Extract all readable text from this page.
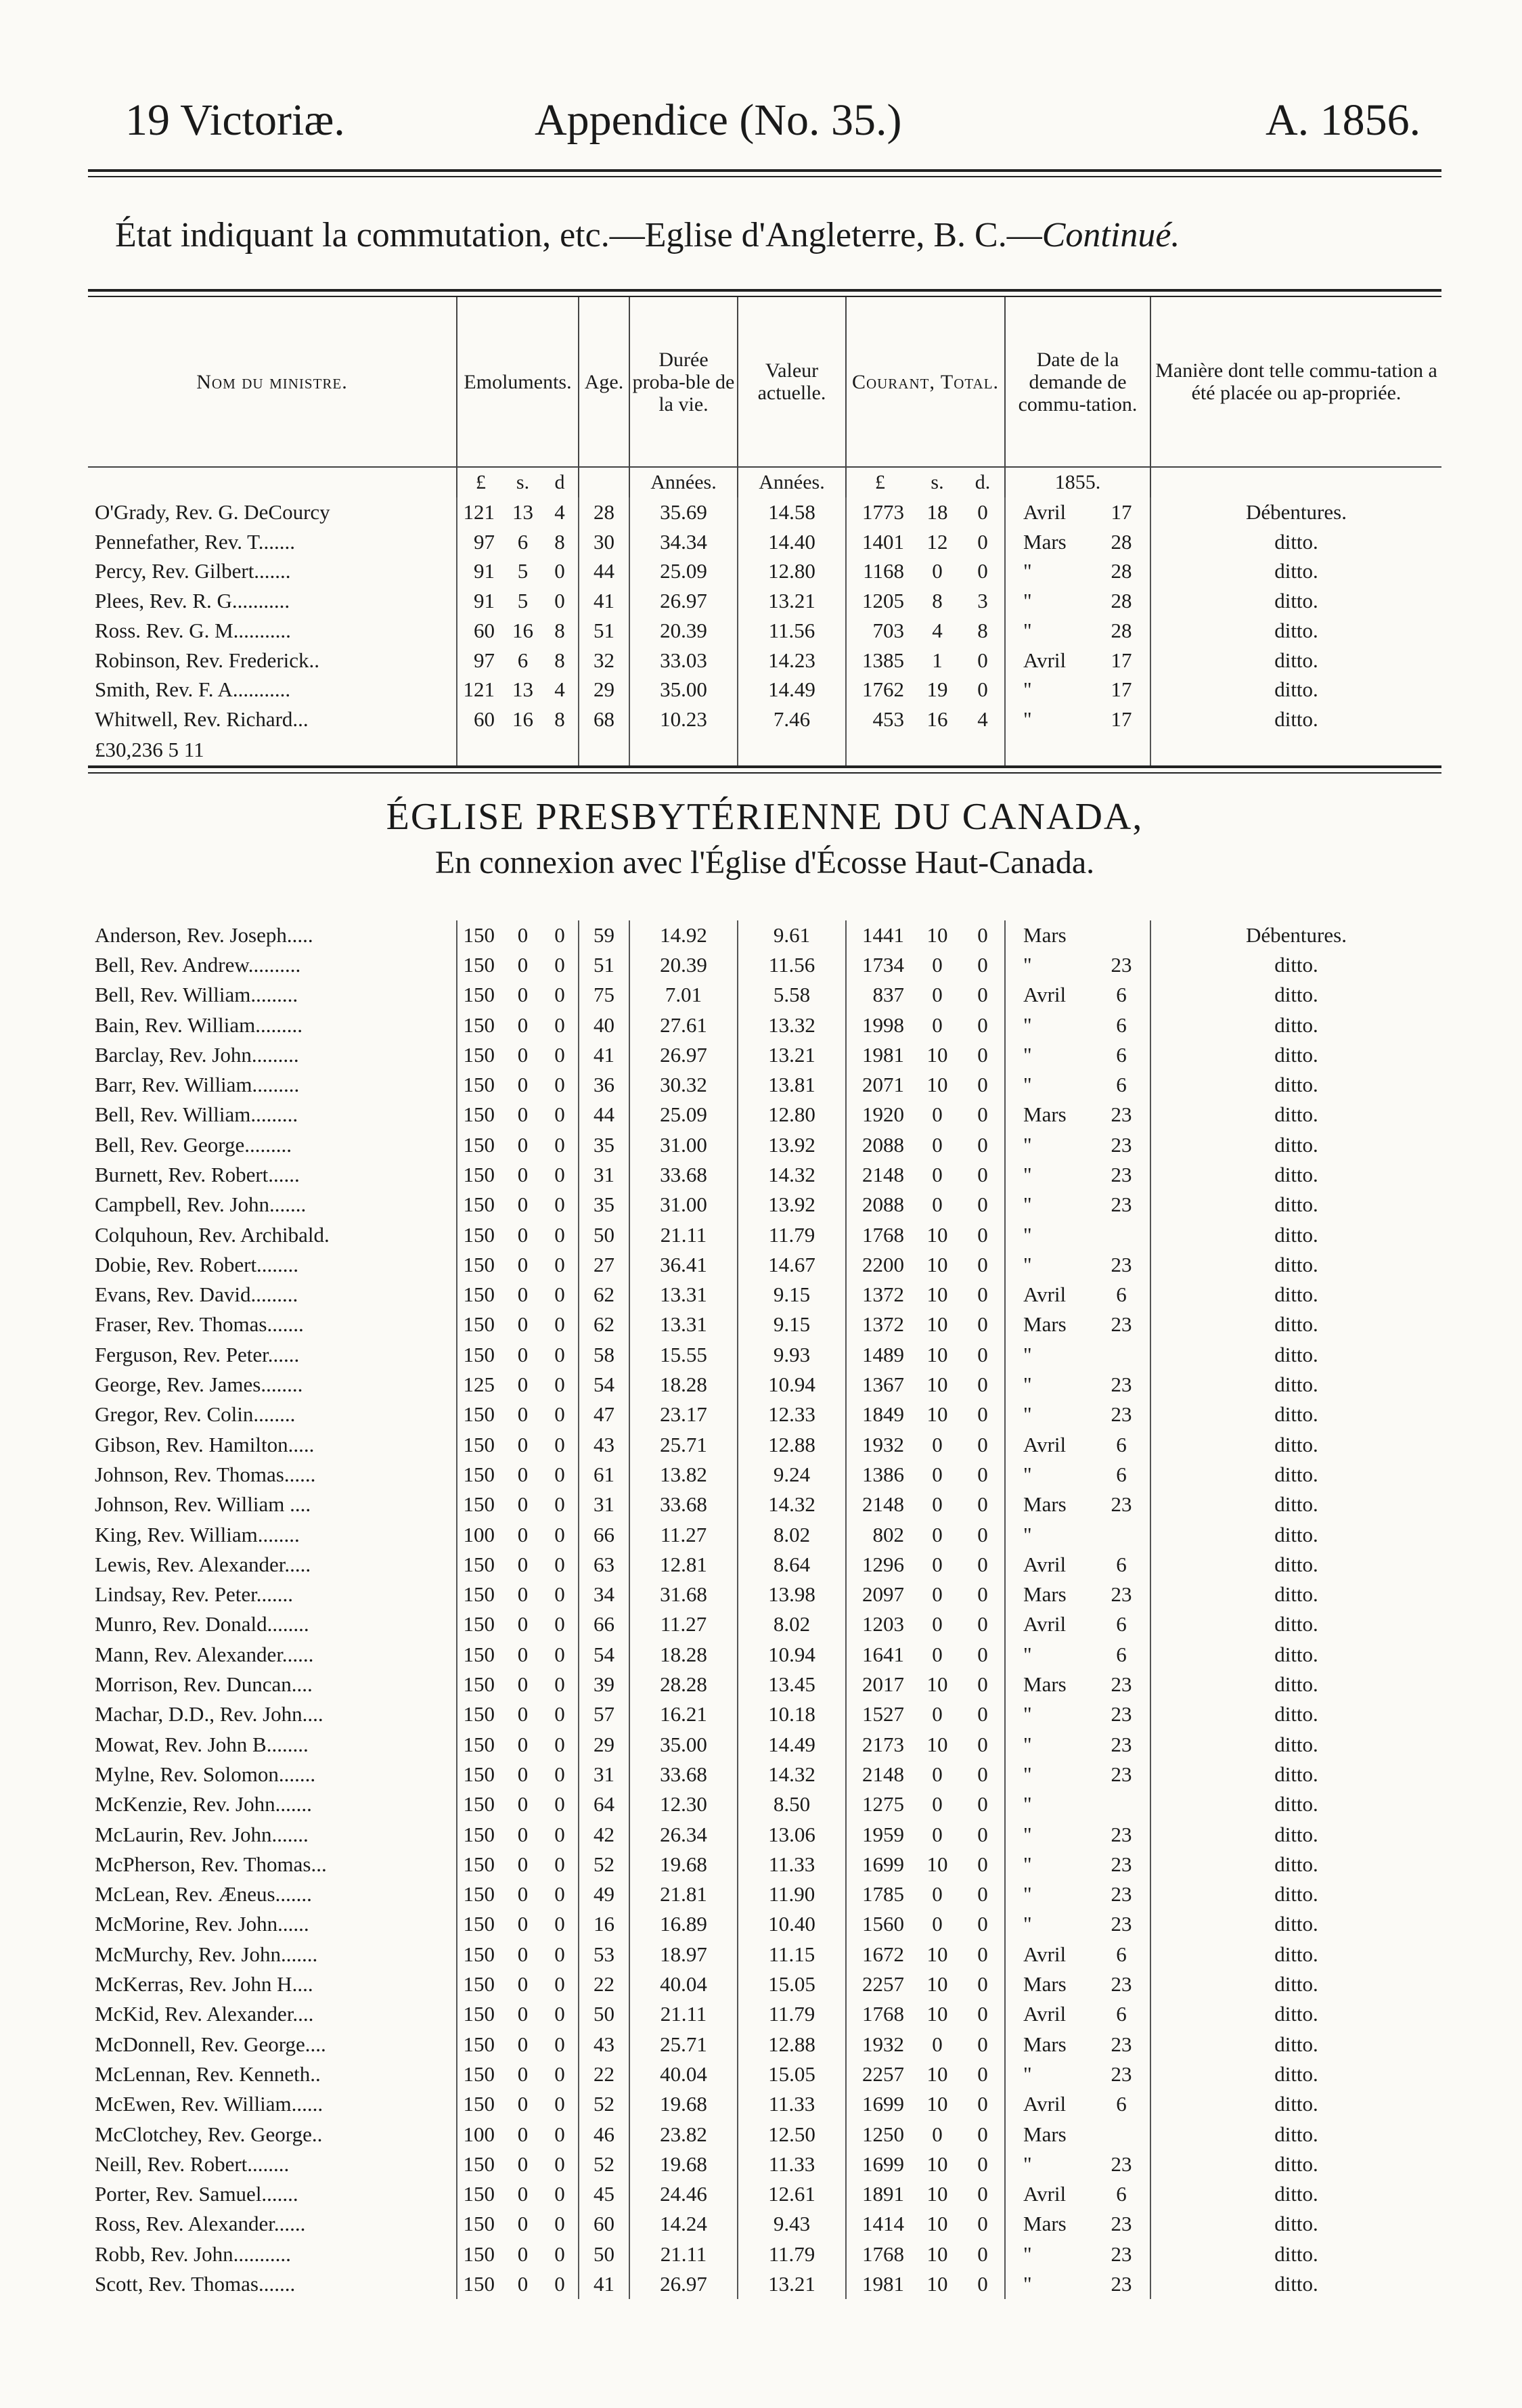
19 Victoriæ.	Appendice (No. 35.)	A. 1856.
État indiquant la commutation, etc.—Eglise d'Angleterre, B. C.—Continué.
Nom du ministre.	Emoluments.			Age.	Durée proba-ble de la vie.	Valeur actuelle.	Courant, Total.			Date de la demande de commu-tation.	Manière dont telle commu-tation a été placée ou ap-propriée.
	£	s.	d		Années.	Années.	£	s.	d.	1855.	
O'Grady, Rev. G. DeCourcy	121	13	4	28	35.69	14.58	1773	18	0	Avril	17	Débentures.
Pennefather, Rev. T.......	97	6	8	30	34.34	14.40	1401	12	0	Mars	28	ditto.
Percy, Rev. Gilbert.......	91	5	0	44	25.09	12.80	1168	0	0	"	28	ditto.
Plees, Rev. R. G...........	91	5	0	41	26.97	13.21	1205	8	3	"	28	ditto.
Ross. Rev. G. M...........	60	16	8	51	20.39	11.56	703	4	8	"	28	ditto.
Robinson, Rev. Frederick..	97	6	8	32	33.03	14.23	1385	1	0	Avril	17	ditto.
Smith, Rev. F. A...........	121	13	4	29	35.00	14.49	1762	19	0	"	17	ditto.
Whitwell, Rev. Richard...	60	16	8	68	10.23	7.46	453	16	4	"	17	ditto.
£30,236 5 11												
ÉGLISE PRESBYTÉRIENNE DU CANADA,
En connexion avec l'Église d'Écosse Haut-Canada.
Anderson, Rev. Joseph.....	150	0	0	59	14.92	9.61	1441	10	0	Mars		Débentures.
Bell, Rev. Andrew..........	150	0	0	51	20.39	11.56	1734	0	0	"	23	ditto.
Bell, Rev. William.........	150	0	0	75	7.01	5.58	837	0	0	Avril	6	ditto.
Bain, Rev. William.........	150	0	0	40	27.61	13.32	1998	0	0	"	6	ditto.
Barclay, Rev. John.........	150	0	0	41	26.97	13.21	1981	10	0	"	6	ditto.
Barr, Rev. William.........	150	0	0	36	30.32	13.81	2071	10	0	"	6	ditto.
Bell, Rev. William.........	150	0	0	44	25.09	12.80	1920	0	0	Mars	23	ditto.
Bell, Rev. George.........	150	0	0	35	31.00	13.92	2088	0	0	"	23	ditto.
Burnett, Rev. Robert......	150	0	0	31	33.68	14.32	2148	0	0	"	23	ditto.
Campbell, Rev. John.......	150	0	0	35	31.00	13.92	2088	0	0	"	23	ditto.
Colquhoun, Rev. Archibald.	150	0	0	50	21.11	11.79	1768	10	0	"		ditto.
Dobie, Rev. Robert........	150	0	0	27	36.41	14.67	2200	10	0	"	23	ditto.
Evans, Rev. David.........	150	0	0	62	13.31	9.15	1372	10	0	Avril	6	ditto.
Fraser, Rev. Thomas.......	150	0	0	62	13.31	9.15	1372	10	0	Mars	23	ditto.
Ferguson, Rev. Peter......	150	0	0	58	15.55	9.93	1489	10	0	"		ditto.
George, Rev. James........	125	0	0	54	18.28	10.94	1367	10	0	"	23	ditto.
Gregor, Rev. Colin........	150	0	0	47	23.17	12.33	1849	10	0	"	23	ditto.
Gibson, Rev. Hamilton.....	150	0	0	43	25.71	12.88	1932	0	0	Avril	6	ditto.
Johnson, Rev. Thomas......	150	0	0	61	13.82	9.24	1386	0	0	"	6	ditto.
Johnson, Rev. William ....	150	0	0	31	33.68	14.32	2148	0	0	Mars	23	ditto.
King, Rev. William........	100	0	0	66	11.27	8.02	802	0	0	"		ditto.
Lewis, Rev. Alexander.....	150	0	0	63	12.81	8.64	1296	0	0	Avril	6	ditto.
Lindsay, Rev. Peter.......	150	0	0	34	31.68	13.98	2097	0	0	Mars	23	ditto.
Munro, Rev. Donald........	150	0	0	66	11.27	8.02	1203	0	0	Avril	6	ditto.
Mann, Rev. Alexander......	150	0	0	54	18.28	10.94	1641	0	0	"	6	ditto.
Morrison, Rev. Duncan....	150	0	0	39	28.28	13.45	2017	10	0	Mars	23	ditto.
Machar, D.D., Rev. John....	150	0	0	57	16.21	10.18	1527	0	0	"	23	ditto.
Mowat, Rev. John B........	150	0	0	29	35.00	14.49	2173	10	0	"	23	ditto.
Mylne, Rev. Solomon.......	150	0	0	31	33.68	14.32	2148	0	0	"	23	ditto.
McKenzie, Rev. John.......	150	0	0	64	12.30	8.50	1275	0	0	"		ditto.
McLaurin, Rev. John.......	150	0	0	42	26.34	13.06	1959	0	0	"	23	ditto.
McPherson, Rev. Thomas...	150	0	0	52	19.68	11.33	1699	10	0	"	23	ditto.
McLean, Rev. Æneus.......	150	0	0	49	21.81	11.90	1785	0	0	"	23	ditto.
McMorine, Rev. John......	150	0	0	16	16.89	10.40	1560	0	0	"	23	ditto.
McMurchy, Rev. John.......	150	0	0	53	18.97	11.15	1672	10	0	Avril	6	ditto.
McKerras, Rev. John H....	150	0	0	22	40.04	15.05	2257	10	0	Mars	23	ditto.
McKid, Rev. Alexander....	150	0	0	50	21.11	11.79	1768	10	0	Avril	6	ditto.
McDonnell, Rev. George....	150	0	0	43	25.71	12.88	1932	0	0	Mars	23	ditto.
McLennan, Rev. Kenneth..	150	0	0	22	40.04	15.05	2257	10	0	"	23	ditto.
McEwen, Rev. William......	150	0	0	52	19.68	11.33	1699	10	0	Avril	6	ditto.
McClotchey, Rev. George..	100	0	0	46	23.82	12.50	1250	0	0	Mars		ditto.
Neill, Rev. Robert........	150	0	0	52	19.68	11.33	1699	10	0	"	23	ditto.
Porter, Rev. Samuel.......	150	0	0	45	24.46	12.61	1891	10	0	Avril	6	ditto.
Ross, Rev. Alexander......	150	0	0	60	14.24	9.43	1414	10	0	Mars	23	ditto.
Robb, Rev. John...........	150	0	0	50	21.11	11.79	1768	10	0	"	23	ditto.
Scott, Rev. Thomas.......	150	0	0	41	26.97	13.21	1981	10	0	"	23	ditto.
